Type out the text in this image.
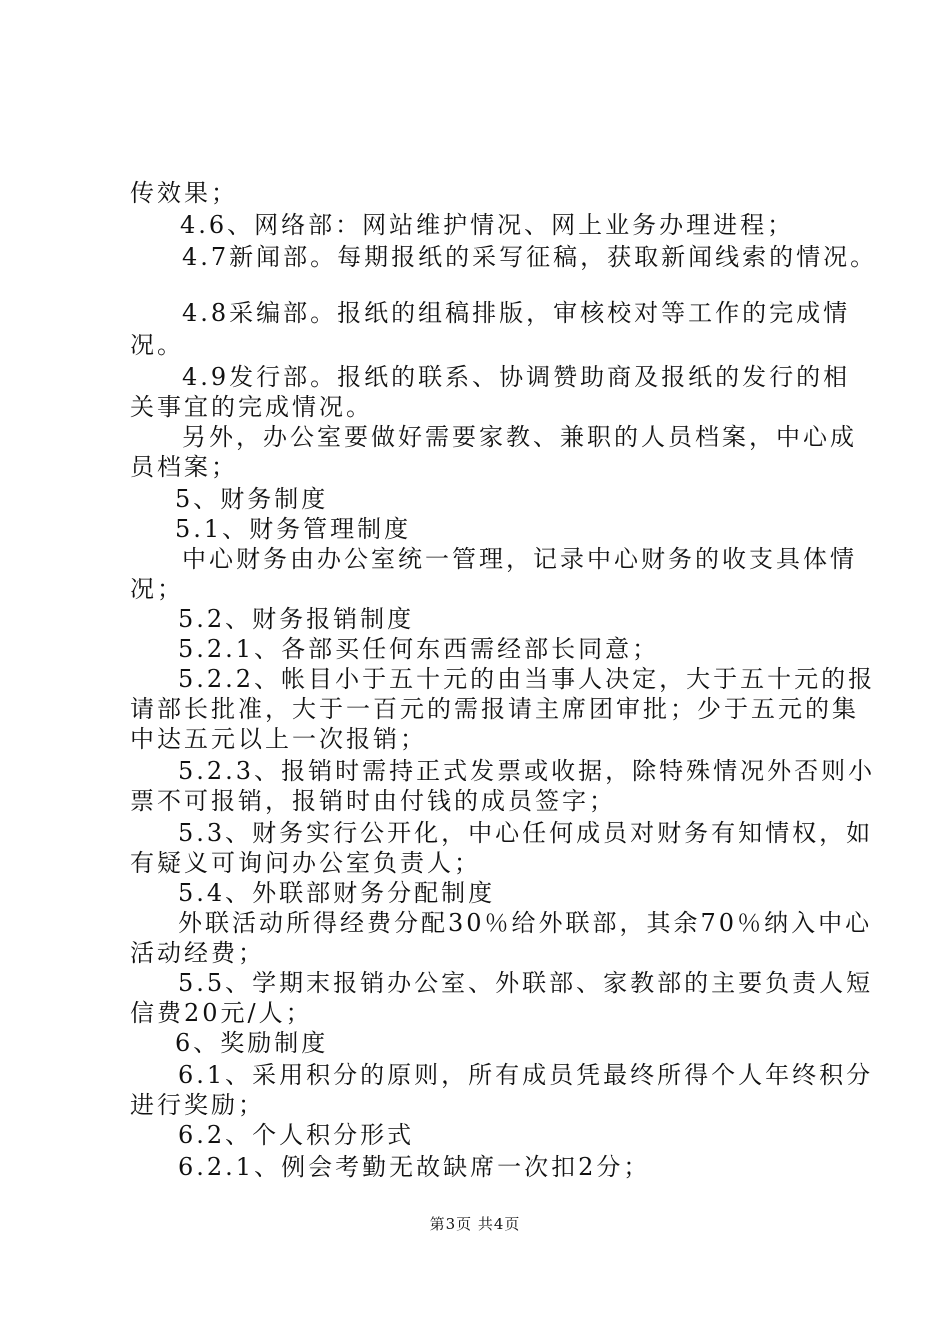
传效果；
4.6、网络部：网站维护情况、网上业务办理进程；
4.7新闻部。每期报纸的采写征稿，获取新闻线索的情况。
4.8采编部。报纸的组稿排版，审核校对等工作的完成情
况。
4.9发行部。报纸的联系、协调赞助商及报纸的发行的相
关事宜的完成情况。
另外，办公室要做好需要家教、兼职的人员档案，中心成
员档案；
5、财务制度
5.1、财务管理制度
中心财务由办公室统一管理，记录中心财务的收支具体情
况；
5.2、财务报销制度
5.2.1、各部买任何东西需经部长同意；
5.2.2、帐目小于五十元的由当事人决定，大于五十元的报
请部长批准，大于一百元的需报请主席团审批；少于五元的集
中达五元以上一次报销；
5.2.3、报销时需持正式发票或收据，除特殊情况外否则小
票不可报销，报销时由付钱的成员签字；
5.3、财务实行公开化，中心任何成员对财务有知情权，如
有疑义可询问办公室负责人；
5.4、外联部财务分配制度
外联活动所得经费分配30％给外联部，其余70％纳入中心
活动经费；
5.5、学期末报销办公室、外联部、家教部的主要负责人短
信费20元/人；
6、奖励制度
6.1、采用积分的原则，所有成员凭最终所得个人年终积分
进行奖励；
6.2、个人积分形式
6.2.1、例会考勤无故缺席一次扣2分；
第3页 共4页
